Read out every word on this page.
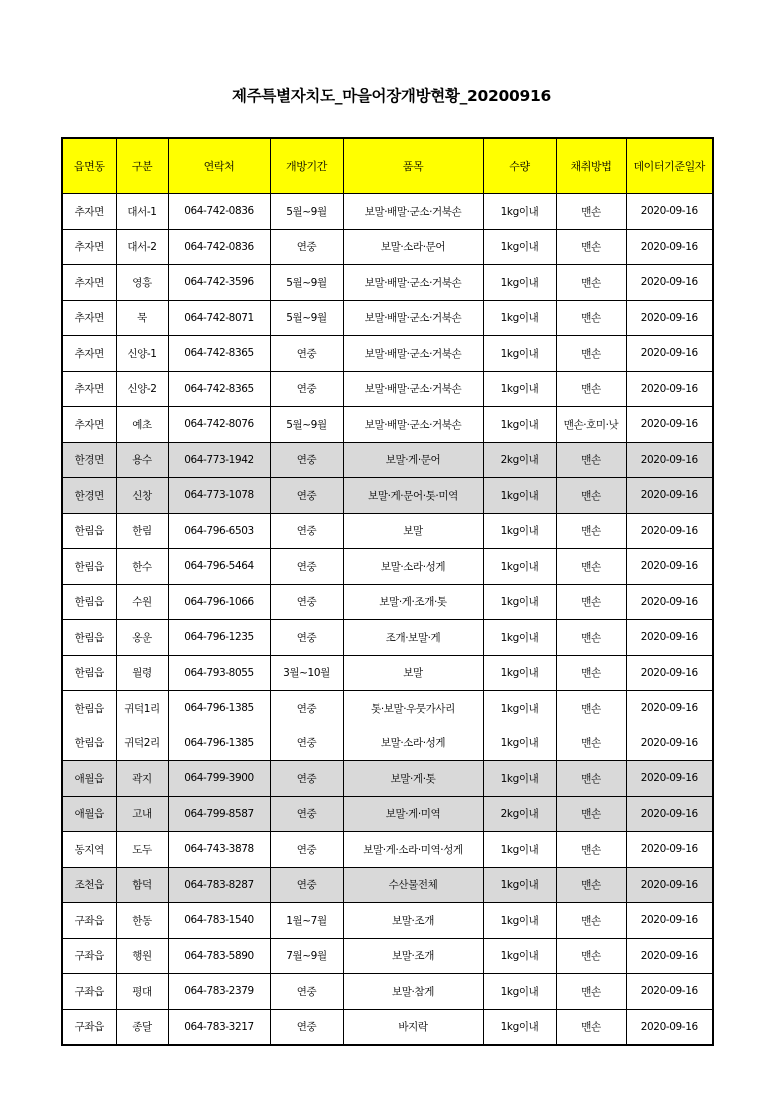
제주특별자치도_마을어장개방현황_20200916
읍면동	구분	연락처	개방기간	품목	수량	채취방법	데이터기준일자
추자면	대서-1	064-742-0836	5월~9월	보말·배말·군소·거북손	1kg이내	맨손	2020-09-16
추자면	대서-2	064-742-0836	연중	보말·소라·문어	1kg이내	맨손	2020-09-16
추자면	영흥	064-742-3596	5월~9월	보말·배말·군소·거북손	1kg이내	맨손	2020-09-16
추자면	묵	064-742-8071	5월~9월	보말·배말·군소·거북손	1kg이내	맨손	2020-09-16
추자면	신양-1	064-742-8365	연중	보말·배말·군소·거북손	1kg이내	맨손	2020-09-16
추자면	신양-2	064-742-8365	연중	보말·배말·군소·거북손	1kg이내	맨손	2020-09-16
추자면	예초	064-742-8076	5월~9월	보말·배말·군소·거북손	1kg이내	맨손·호미·낫	2020-09-16
한경면	용수	064-773-1942	연중	보말·게·문어	2kg이내	맨손	2020-09-16
한경면	신창	064-773-1078	연중	보말·게·문어·톳·미역	1kg이내	맨손	2020-09-16
한림읍	한림	064-796-6503	연중	보말	1kg이내	맨손	2020-09-16
한림읍	한수	064-796-5464	연중	보말·소라·성게	1kg이내	맨손	2020-09-16
한림읍	수원	064-796-1066	연중	보말·게·조개·톳	1kg이내	맨손	2020-09-16
한림읍	옹운	064-796-1235	연중	조개·보말·게	1kg이내	맨손	2020-09-16
한림읍	월령	064-793-8055	3월~10월	보말	1kg이내	맨손	2020-09-16
한림읍	귀덕1리	064-796-1385	연중	톳·보말·우뭇가사리	1kg이내	맨손	2020-09-16
한림읍	귀덕2리	064-796-1385	연중	보말·소라·성게	1kg이내	맨손	2020-09-16
애월읍	곽지	064-799-3900	연중	보말·게·톳	1kg이내	맨손	2020-09-16
애월읍	고내	064-799-8587	연중	보말·게·미역	2kg이내	맨손	2020-09-16
동지역	도두	064-743-3878	연중	보말·게·소라·미역·성게	1kg이내	맨손	2020-09-16
조천읍	함덕	064-783-8287	연중	수산물전체	1kg이내	맨손	2020-09-16
구좌읍	한동	064-783-1540	1월~7월	보말·조개	1kg이내	맨손	2020-09-16
구좌읍	행원	064-783-5890	7월~9월	보말·조개	1kg이내	맨손	2020-09-16
구좌읍	평대	064-783-2379	연중	보말·참게	1kg이내	맨손	2020-09-16
구좌읍	종달	064-783-3217	연중	바지락	1kg이내	맨손	2020-09-16
